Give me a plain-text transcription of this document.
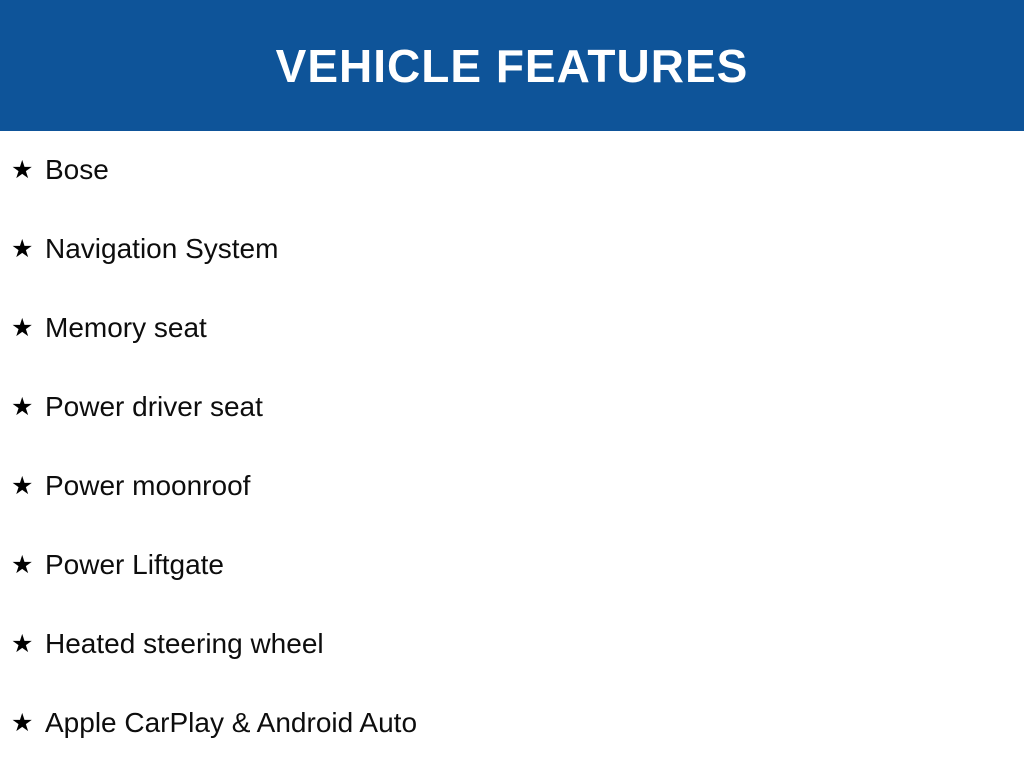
VEHICLE FEATURES
★ Bose
★ Navigation System
★ Memory seat
★ Power driver seat
★ Power moonroof
★ Power Liftgate
★ Heated steering wheel
★ Apple CarPlay & Android Auto
